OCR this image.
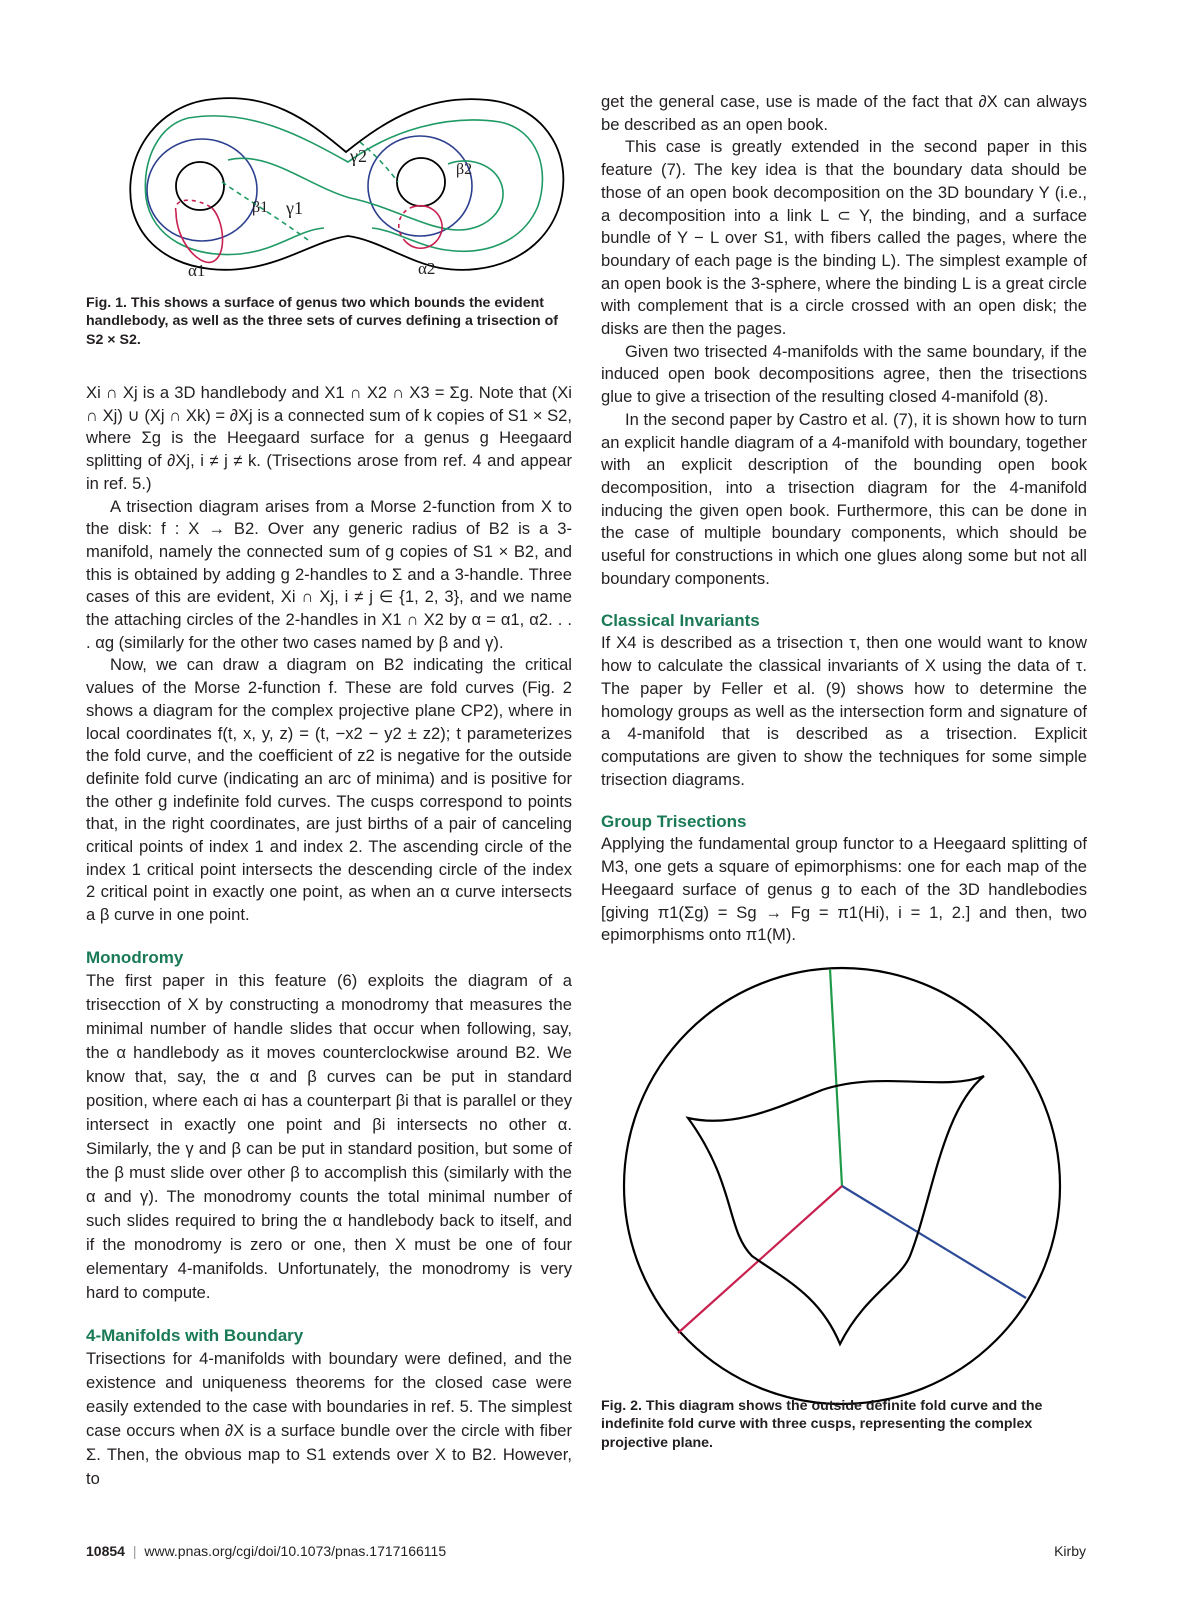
γ2
β2
β1 γ1
α1	α2
Fig. 1. This shows a surface of genus two which bounds the evident handlebody, as well as the three sets of curves defining a trisection of S2 × S2.

Xi ∩ Xj is a 3D handlebody and X1 ∩ X2 ∩ X3 = Σg. Note that (Xi ∩ Xj) ∪ (Xj ∩ Xk) = ∂Xj is a connected sum of k copies of S1 × S2, where Σg is the Heegaard surface for a genus g Heegaard splitting of ∂Xj, i ≠ j ≠ k. (Trisections arose from ref. 4 and appear in ref. 5.)

A trisection diagram arises from a Morse 2-function from X to the disk: f : X → B2. Over any generic radius of B2 is a 3-manifold, namely the connected sum of g copies of S1 × B2, and this is obtained by adding g 2-handles to Σ and a 3-handle. Three cases of this are evident, Xi ∩ Xj, i ≠ j ∈ {1, 2, 3}, and we name the attaching circles of the 2-handles in X1 ∩ X2 by α = α1, α2. . . . αg (similarly for the other two cases named by β and γ).

Now, we can draw a diagram on B2 indicating the critical values of the Morse 2-function f. These are fold curves (Fig. 2 shows a diagram for the complex projective plane CP2), where in local coordinates f(t, x, y, z) = (t, −x2 − y2 ± z2); t parameterizes the fold curve, and the coefficient of z2 is negative for the outside definite fold curve (indicating an arc of minima) and is positive for the other g indefinite fold curves. The cusps correspond to points that, in the right coordinates, are just births of a pair of canceling critical points of index 1 and index 2. The ascending circle of the index 1 critical point intersects the descending circle of the index 2 critical point in exactly one point, as when an α curve intersects a β curve in one point.

Monodromy

The first paper in this feature (6) exploits the diagram of a trisecction of X by constructing a monodromy that measures the minimal number of handle slides that occur when following, say, the α handlebody as it moves counterclockwise around B2. We know that, say, the α and β curves can be put in standard position, where each αi has a counterpart βi that is parallel or they intersect in exactly one point and βi intersects no other α. Similarly, the γ and β can be put in standard position, but some of the β must slide over other β to accomplish this (similarly with the α and γ). The monodromy counts the total minimal number of such slides required to bring the α handlebody back to itself, and if the monodromy is zero or one, then X must be one of four elementary 4-manifolds. Unfortunately, the monodromy is very hard to compute.

4-Manifolds with Boundary

Trisections for 4-manifolds with boundary were defined, and the existence and uniqueness theorems for the closed case were easily extended to the case with boundaries in ref. 5. The simplest case occurs when ∂X is a surface bundle over the circle with fiber Σ. Then, the obvious map to S1 extends over X to B2. However, to

get the general case, use is made of the fact that ∂X can always be described as an open book.

This case is greatly extended in the second paper in this feature (7). The key idea is that the boundary data should be those of an open book decomposition on the 3D boundary Y (i.e., a decomposition into a link L ⊂ Y, the binding, and a surface bundle of Y − L over S1, with fibers called the pages, where the boundary of each page is the binding L). The simplest example of an open book is the 3-sphere, where the binding L is a great circle with complement that is a circle crossed with an open disk; the disks are then the pages.

Given two trisected 4-manifolds with the same boundary, if the induced open book decompositions agree, then the trisections glue to give a trisection of the resulting closed 4-manifold (8).

In the second paper by Castro et al. (7), it is shown how to turn an explicit handle diagram of a 4-manifold with boundary, together with an explicit description of the bounding open book decomposition, into a trisection diagram for the 4-manifold inducing the given open book. Furthermore, this can be done in the case of multiple boundary components, which should be useful for constructions in which one glues along some but not all boundary components.

Classical Invariants

If X4 is described as a trisection τ, then one would want to know how to calculate the classical invariants of X using the data of τ. The paper by Feller et al. (9) shows how to determine the homology groups as well as the intersection form and signature of a 4-manifold that is described as a trisection. Explicit computations are given to show the techniques for some simple trisection diagrams.

Group Trisections

Applying the fundamental group functor to a Heegaard splitting of M3, one gets a square of epimorphisms: one for each map of the Heegaard surface of genus g to each of the 3D handlebodies [giving π1(Σg) = Sg → Fg = π1(Hi), i = 1, 2.] and then, two epimorphisms onto π1(M).

Fig. 2. This diagram shows the outside definite fold curve and the indefinite fold curve with three cusps, representing the complex projective plane.
10854 | www.pnas.org/cgi/doi/10.1073/pnas.1717166115	Kirby
